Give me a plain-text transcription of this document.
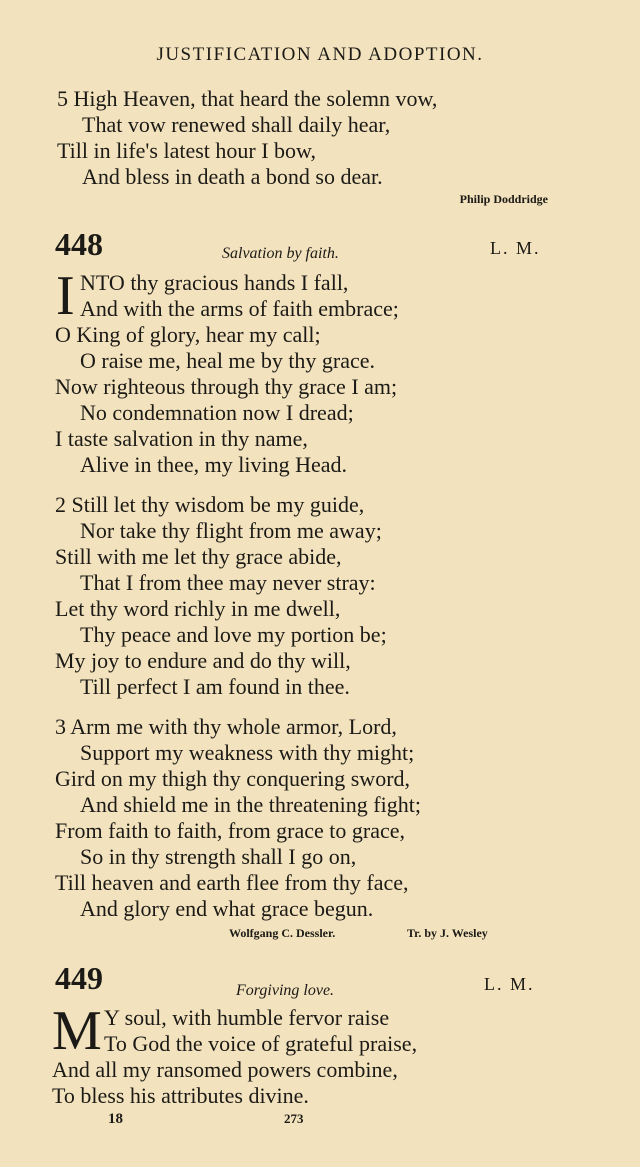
JUSTIFICATION AND ADOPTION.
5 High Heaven, that heard the solemn vow,
That vow renewed shall daily hear,
Till in life's latest hour I bow,
And bless in death a bond so dear.
Philip Doddridge
448	Salvation by faith.	L. M.
I NTO thy gracious hands I fall,
And with the arms of faith embrace;
O King of glory, hear my call;
O raise me, heal me by thy grace.
Now righteous through thy grace I am;
No condemnation now I dread;
I taste salvation in thy name,
Alive in thee, my living Head.
2 Still let thy wisdom be my guide,
Nor take thy flight from me away;
Still with me let thy grace abide,
That I from thee may never stray:
Let thy word richly in me dwell,
Thy peace and love my portion be;
My joy to endure and do thy will,
Till perfect I am found in thee.
3 Arm me with thy whole armor, Lord,
Support my weakness with thy might;
Gird on my thigh thy conquering sword,
And shield me in the threatening fight;
From faith to faith, from grace to grace,
So in thy strength shall I go on,
Till heaven and earth flee from thy face,
And glory end what grace begun.
Wolfgang C. Dessler.	Tr. by J. Wesley
449	Forgiving love.	L. M.
M Y soul, with humble fervor raise
To God the voice of grateful praise,
And all my ransomed powers combine,
To bless his attributes divine.
18	273
